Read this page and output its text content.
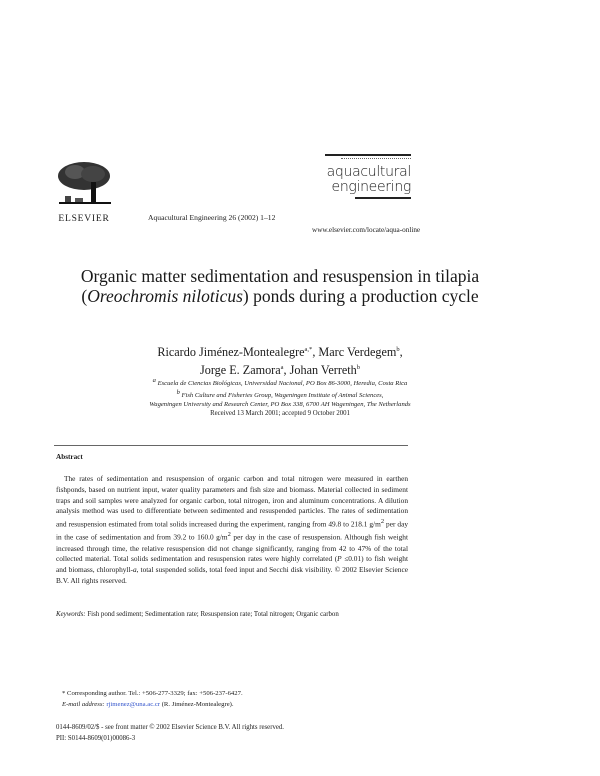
ELSEVIER	Aquacultural Engineering 26 (2002) 1–12
www.elsevier.com/locate/aqua-online
aquacultural
engineering
Organic matter sedimentation and resuspension in tilapia (Oreochromis niloticus) ponds during a production cycle
Ricardo Jiménez-Montealegre$^{a,*}$, Marc Verdegem$^b$,
Jorge E. Zamora$^a$, Johan Verreth$^b$
$^a$ Escuela de Ciencias Biológicas, Universidad Nacional, PO Box 86-3000, Heredia, Costa Rica
$^b$ Fish Culture and Fisheries Group, Wageningen Institute of Animal Sciences,
Wageningen University and Research Center, PO Box 338, 6700 AH Wageningen, The Netherlands
Received 13 March 2001; accepted 9 October 2001
Abstract
The rates of sedimentation and resuspension of organic carbon and total nitrogen were measured in earthen fishponds, based on nutrient input, water quality parameters and fish size and biomass. Material collected in sediment traps and soil samples were analyzed for organic carbon, total nitrogen, iron and aluminum concentrations. A dilution analysis method was used to differentiate between sedimented and resuspended particles. The rates of sedimentation and resuspension estimated from total solids increased during the experiment, ranging from 49.8 to 218.1 $g/m^2$ per day in the case of sedimentation and from 39.2 to 160.0 $g/m^2$ per day in the case of resuspension. Although fish weight increased through time, the relative resuspension did not change significantly, ranging from 42 to 47% of the total collected material. Total solids sedimentation and resuspension rates were highly correlated (P ≤0.01) to fish weight and biomass, chlorophyll-a, total suspended solids, total feed input and Secchi disk visibility. © 2002 Elsevier Science B.V. All rights reserved.
Keywords: Fish pond sediment; Sedimentation rate; Resuspension rate; Total nitrogen; Organic carbon
* Corresponding author. Tel.: +506-277-3329; fax: +506-237-6427.
E-mail address: rjimenez@una.ac.cr (R. Jiménez-Montealegre).
0144-8609/02/$ - see front matter © 2002 Elsevier Science B.V. All rights reserved.
PII: S0144-8609(01)00086-3
